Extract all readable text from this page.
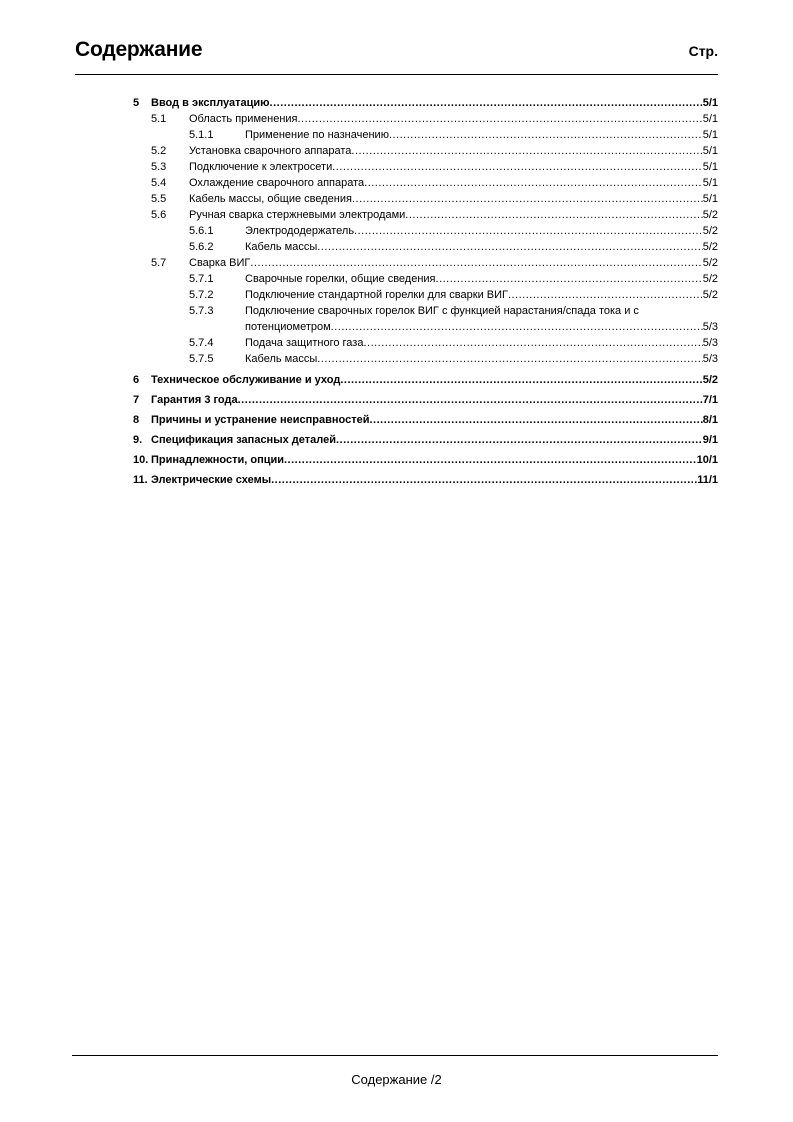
Содержание	Стр.
5 Ввод в эксплуатацию .....	5/1
5.1 Область применения .....	5/1
5.1.1	Применение по назначению .....	5/1
5.2 Установка сварочного аппарата .....	5/1
5.3 Подключение к электросети .....	5/1
5.4 Охлаждение сварочного аппарата .....	5/1
5.5 Кабель массы, общие сведения .....	5/1
5.6 Ручная сварка стержневыми электродами .....	5/2
5.6.1	Электрододержатель .....	5/2
5.6.2	Кабель массы .....	5/2
5.7 Сварка ВИГ .....	5/2
5.7.1	Сварочные горелки, общие сведения .....	5/2
5.7.2	Подключение стандартной горелки для сварки ВИГ .....	5/2
5.7.3	Подключение сварочных горелок ВИГ с функцией нарастания/спада тока и с
потенциометром .....	5/3
5.7.4	Подача защитного газа .....	5/3
5.7.5	Кабель массы .....	5/3
6 Техническое обслуживание и уход .....	5/2
7 Гарантия 3 года .....	7/1
8 Причины и устранение неисправностей .....	8/1
9. Спецификация запасных деталей .....	9/1
10. Принадлежности, опции .....	10/1
11. Электрические схемы .....	11/1
Содержание /2
